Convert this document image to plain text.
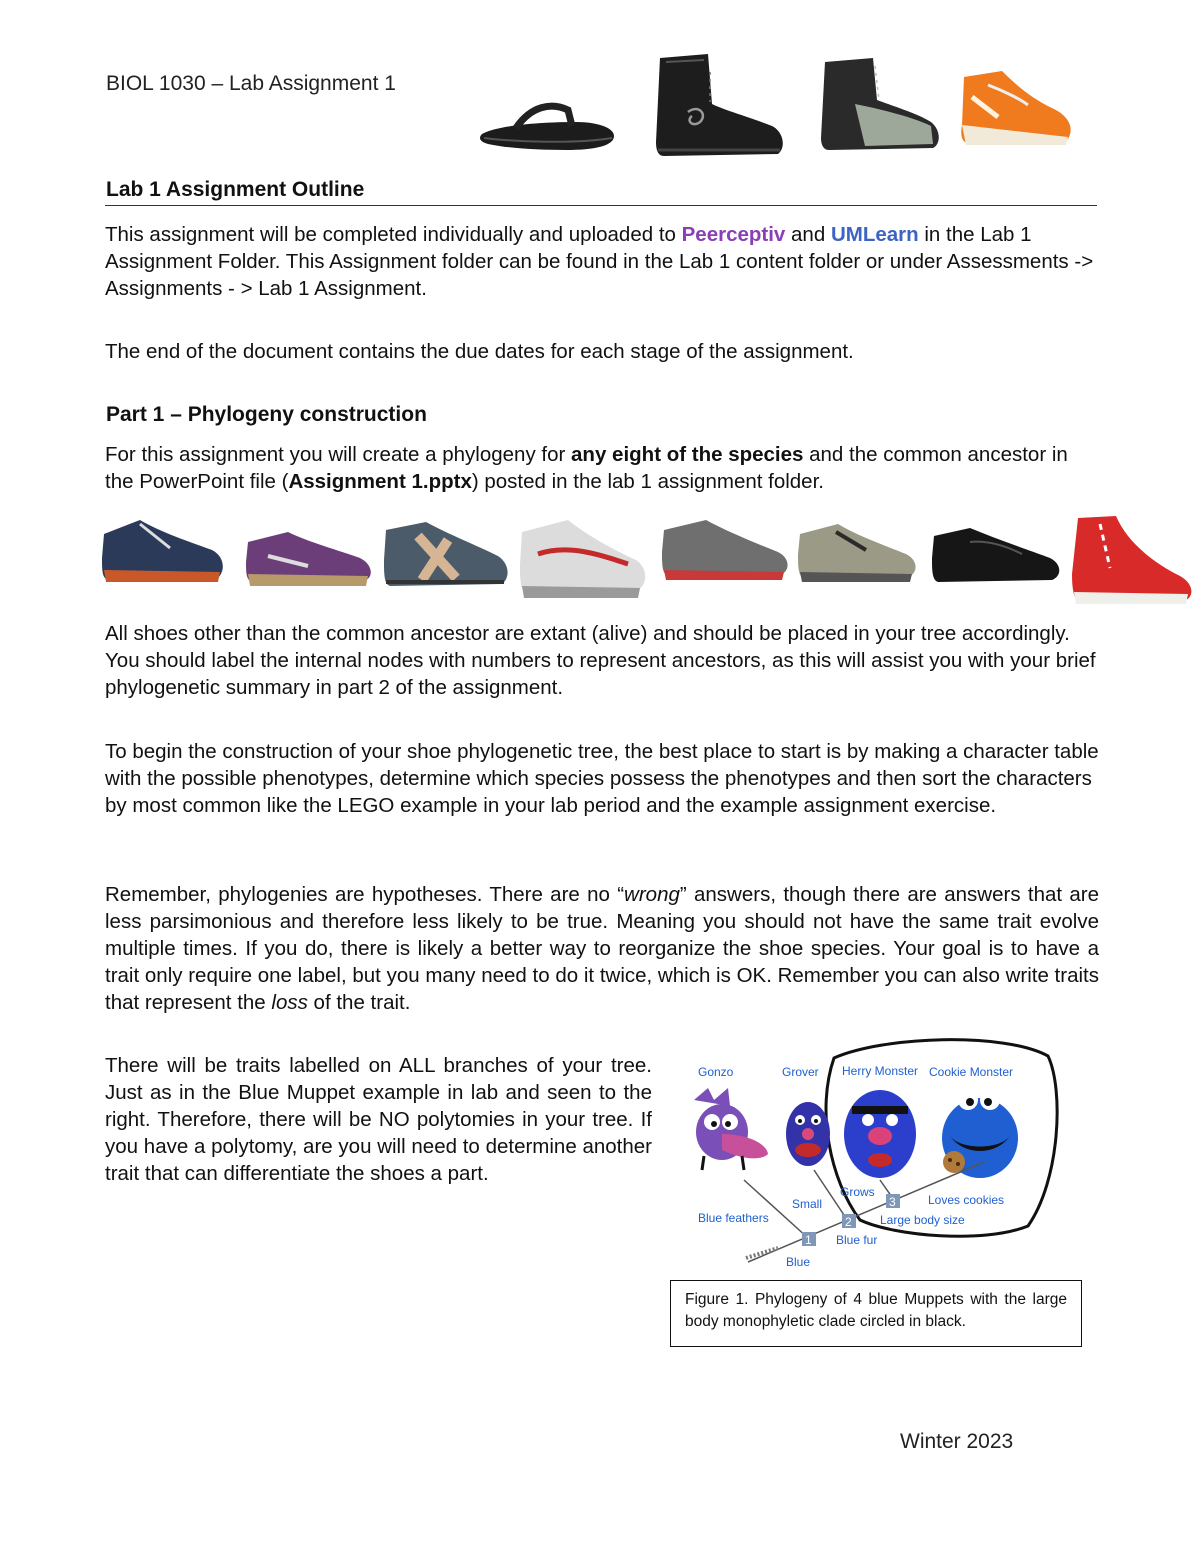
BIOL 1030 – Lab Assignment 1
Lab 1 Assignment Outline
This assignment will be completed individually and uploaded to Peerceptiv and UMLearn in the Lab 1 Assignment Folder. This Assignment folder can be found in the Lab 1 content folder or under Assessments -> Assignments - > Lab 1 Assignment.
The end of the document contains the due dates for each stage of the assignment.
Part 1 – Phylogeny construction
For this assignment you will create a phylogeny for any eight of the species and the common ancestor in the PowerPoint file (Assignment 1.pptx) posted in the lab 1 assignment folder.
All shoes other than the common ancestor are extant (alive) and should be placed in your tree accordingly. You should label the internal nodes with numbers to represent ancestors, as this will assist you with your brief phylogenetic summary in part 2 of the assignment.
To begin the construction of your shoe phylogenetic tree, the best place to start is by making a character table with the possible phenotypes, determine which species possess the phenotypes and then sort the characters by most common like the LEGO example in your lab period and the example assignment exercise.
Remember, phylogenies are hypotheses. There are no “wrong” answers, though there are answers that are less parsimonious and therefore less likely to be true. Meaning you should not have the same trait evolve multiple times. If you do, there is likely a better way to reorganize the shoe species. Your goal is to have a trait only require one label, but you many need to do it twice, which is OK. Remember you can also write traits that represent the loss of the trait.
There will be traits labelled on ALL branches of your tree. Just as in the Blue Muppet example in lab and seen to the right. Therefore, there will be NO polytomies in your tree. If you have a polytomy, are you will need to determine another trait that can differentiate the shoes a part.
Gonzo	Grover Herry Monster Cookie Monster
1
2
3
Blue feathers
Small
Grows
Loves cookies
Large body size
Blue fur
Blue
Figure 1. Phylogeny of 4 blue Muppets with the large body monophyletic clade circled in black.
Winter 2023
